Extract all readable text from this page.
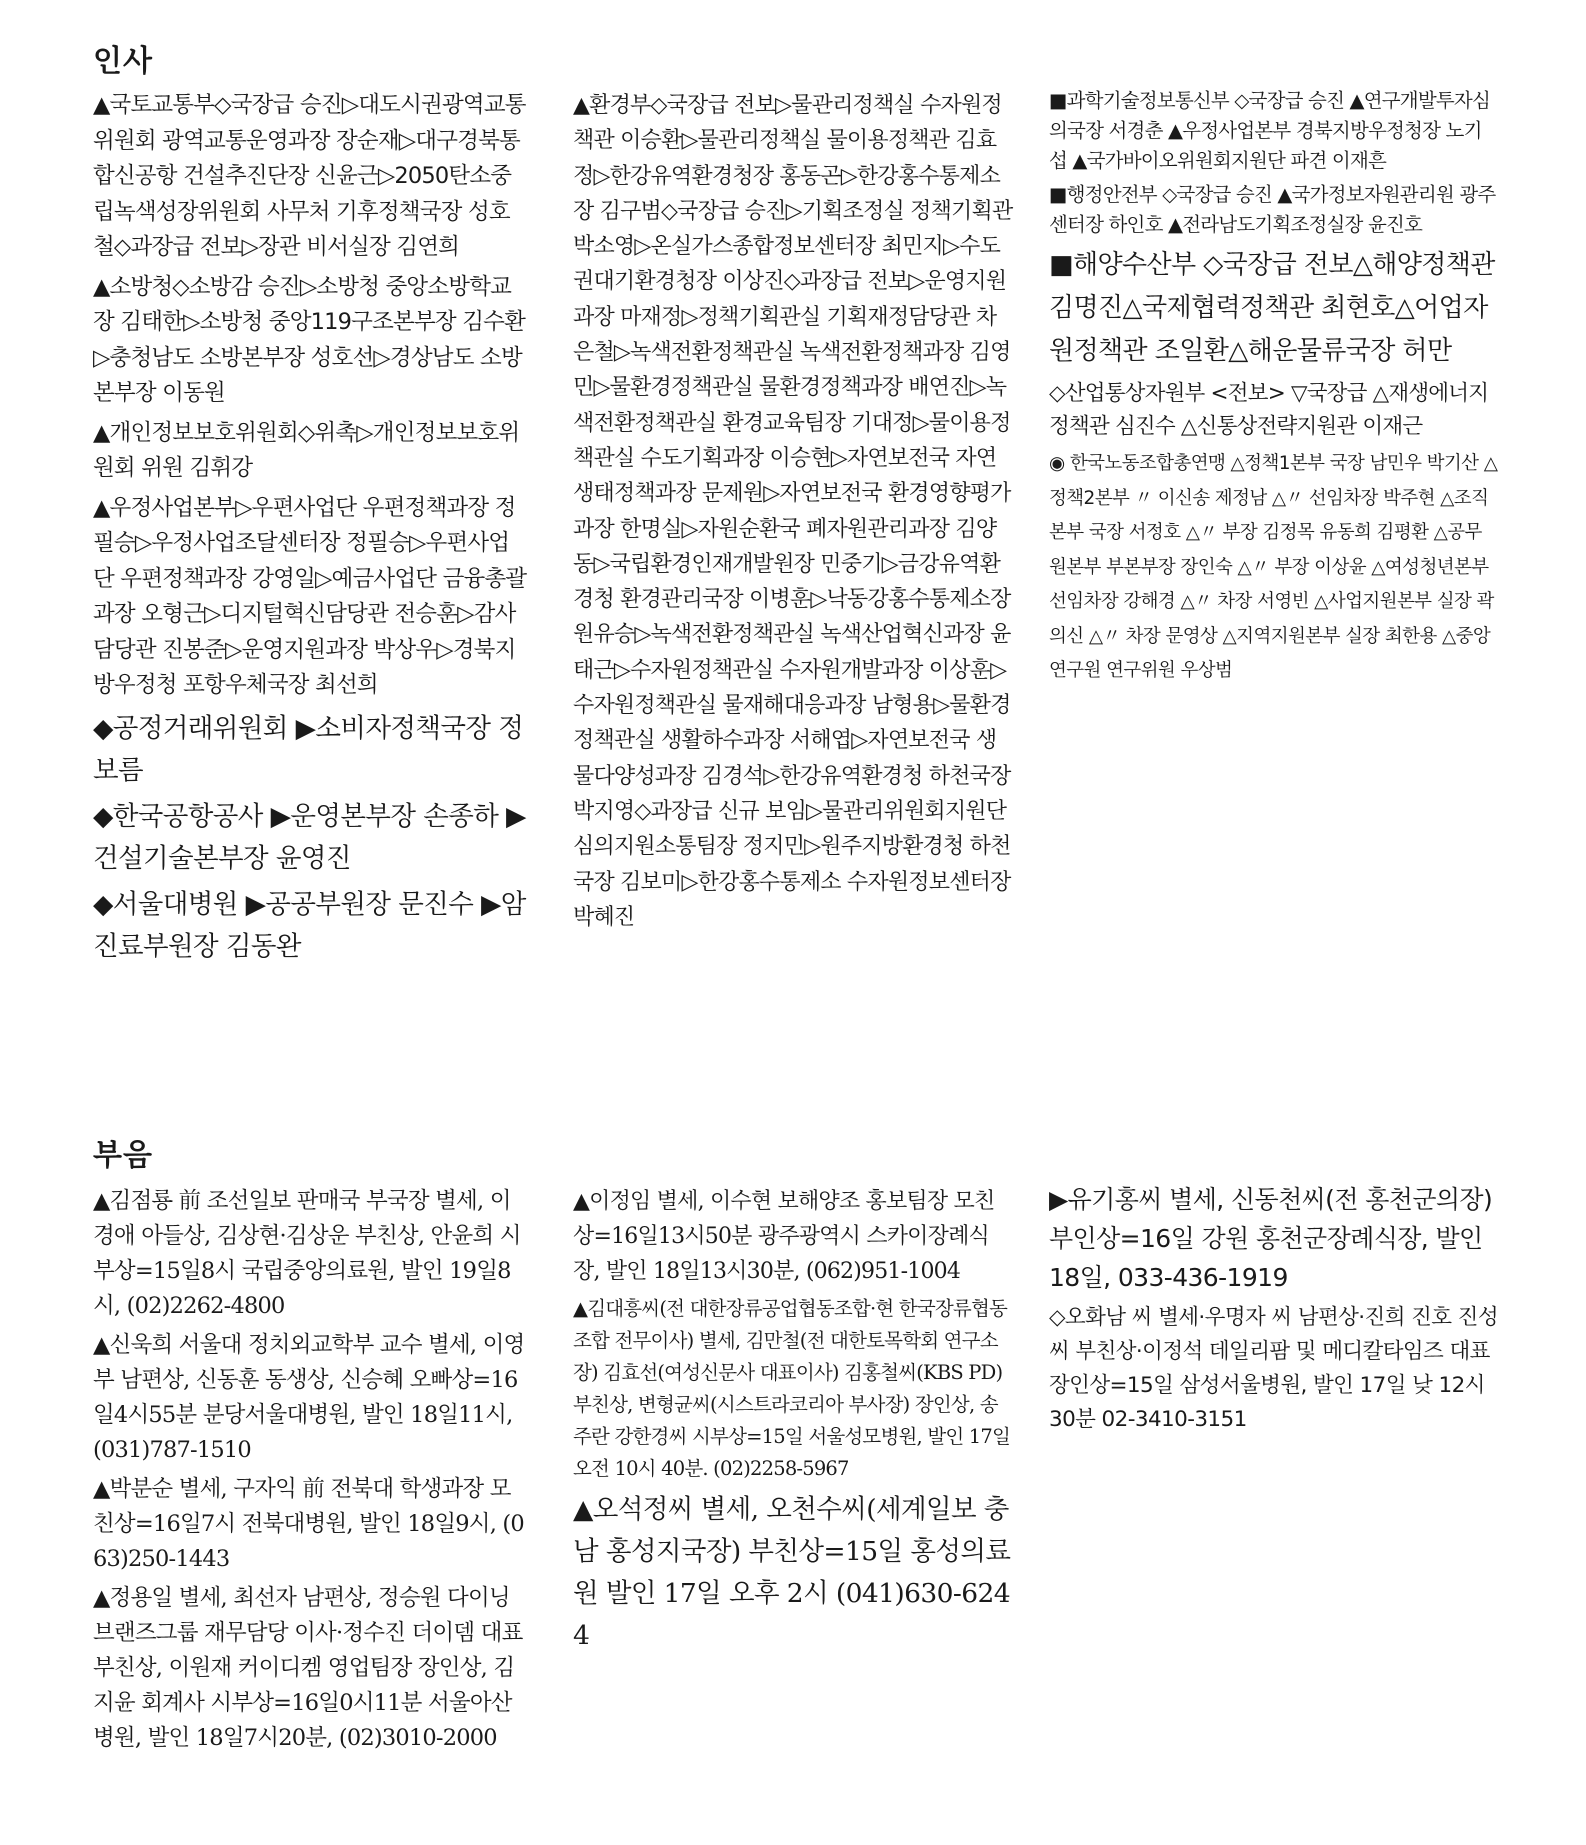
인사

▲국토교통부◇국장급 승진▷대도시권광역교통위원회 광역교통운영과장 장순재▷대구경북통합신공항 건설추진단장 신윤근▷2050탄소중립녹색성장위원회 사무처 기후정책국장 성호철◇과장급 전보▷장관 비서실장 김연희

▲소방청◇소방감 승진▷소방청 중앙소방학교장 김태한▷소방청 중앙119구조본부장 김수환▷충청남도 소방본부장 성호선▷경상남도 소방본부장 이동원

▲개인정보보호위원회◇위촉▷개인정보보호위원회 위원 김휘강

▲우정사업본부▷우편사업단 우편정책과장 정필승▷우정사업조달센터장 정필승▷우편사업단 우편정책과장 강영일▷예금사업단 금융총괄과장 오형근▷디지털혁신담당관 전승훈▷감사담당관 진봉준▷운영지원과장 박상우▷경북지방우정청 포항우체국장 최선희

◆공정거래위원회 ▶소비자정책국장 정보름

◆한국공항공사 ▶운영본부장 손종하 ▶건설기술본부장 윤영진

◆서울대병원 ▶공공부원장 문진수 ▶암진료부원장 김동완

▲환경부◇국장급 전보▷물관리정책실 수자원정책관 이승환▷물관리정책실 물이용정책관 김효정▷한강유역환경청장 홍동곤▷한강홍수통제소장 김구범◇국장급 승진▷기획조정실 정책기획관 박소영▷온실가스종합정보센터장 최민지▷수도권대기환경청장 이상진◇과장급 전보▷운영지원과장 마재정▷정책기획관실 기획재정담당관 차은철▷녹색전환정책관실 녹색전환정책과장 김영민▷물환경정책관실 물환경정책과장 배연진▷녹색전환정책관실 환경교육팀장 기대정▷물이용정책관실 수도기획과장 이승현▷자연보전국 자연생태정책과장 문제원▷자연보전국 환경영향평가과장 한명실▷자원순환국 폐자원관리과장 김양동▷국립환경인재개발원장 민중기▷금강유역환경청 환경관리국장 이병훈▷낙동강홍수통제소장 원유승▷녹색전환정책관실 녹색산업혁신과장 윤태근▷수자원정책관실 수자원개발과장 이상훈▷수자원정책관실 물재해대응과장 남형용▷물환경정책관실 생활하수과장 서해엽▷자연보전국 생물다양성과장 김경석▷한강유역환경청 하천국장 박지영◇과장급 신규 보임▷물관리위원회지원단 심의지원소통팀장 정지민▷원주지방환경청 하천국장 김보미▷한강홍수통제소 수자원정보센터장 박혜진

■과학기술정보통신부 ◇국장급 승진 ▲연구개발투자심의국장 서경춘 ▲우정사업본부 경북지방우정청장 노기섭 ▲국가바이오위원회지원단 파견 이재흔

■행정안전부 ◇국장급 승진 ▲국가정보자원관리원 광주센터장 하인호 ▲전라남도기획조정실장 윤진호

■해양수산부 ◇국장급 전보△해양정책관 김명진△국제협력정책관 최현호△어업자원정책관 조일환△해운물류국장 허만

◇산업통상자원부 <전보> ▽국장급 △재생에너지정책관 심진수 △신통상전략지원관 이재근

◉ 한국노동조합총연맹 △정책1본부 국장 남민우 박기산 △정책2본부 〃 이신송 제정남 △〃 선임차장 박주현 △조직본부 국장 서정호 △〃 부장 김정목 유동희 김평환 △공무원본부 부본부장 장인숙 △〃 부장 이상윤 △여성청년본부 선임차장 강해경 △〃 차장 서영빈 △사업지원본부 실장 곽의신 △〃 차장 문영상 △지역지원본부 실장 최한용 △중앙연구원 연구위원 우상범

부음

▲김점룡 前 조선일보 판매국 부국장 별세, 이경애 아들상, 김상현·김상운 부친상, 안윤희 시부상=15일8시 국립중앙의료원, 발인 19일8시, (02)2262-4800

▲신욱희 서울대 정치외교학부 교수 별세, 이영부 남편상, 신동훈 동생상, 신승혜 오빠상=16일4시55분 분당서울대병원, 발인 18일11시, (031)787-1510

▲박분순 별세, 구자익 前 전북대 학생과장 모친상=16일7시 전북대병원, 발인 18일9시, (063)250-1443

▲정용일 별세, 최선자 남편상, 정승원 다이닝브랜즈그룹 재무담당 이사·정수진 더이뎀 대표 부친상, 이원재 커이디켐 영업팀장 장인상, 김지윤 회계사 시부상=16일0시11분 서울아산병원, 발인 18일7시20분, (02)3010-2000

▲이정임 별세, 이수현 보해양조 홍보팀장 모친상=16일13시50분 광주광역시 스카이장례식장, 발인 18일13시30분, (062)951-1004

▲김대흥씨(전 대한장류공업협동조합·현 한국장류협동조합 전무이사) 별세, 김만철(전 대한토목학회 연구소장) 김효선(여성신문사 대표이사) 김홍철씨(KBS PD) 부친상, 변형균씨(시스트라코리아 부사장) 장인상, 송주란 강한경씨 시부상=15일 서울성모병원, 발인 17일 오전 10시 40분. (02)2258-5967

▲오석정씨 별세, 오천수씨(세계일보 충남 홍성지국장) 부친상=15일 홍성의료원 발인 17일 오후 2시 (041)630-6244

▶유기홍씨 별세, 신동천씨(전 홍천군의장) 부인상=16일 강원 홍천군장례식장, 발인 18일, 033-436-1919

◇오화남 씨 별세·우명자 씨 남편상·진희 진호 진성 씨 부친상·이정석 데일리팜 및 메디칼타임즈 대표 장인상=15일 삼성서울병원, 발인 17일 낮 12시 30분 02-3410-3151
